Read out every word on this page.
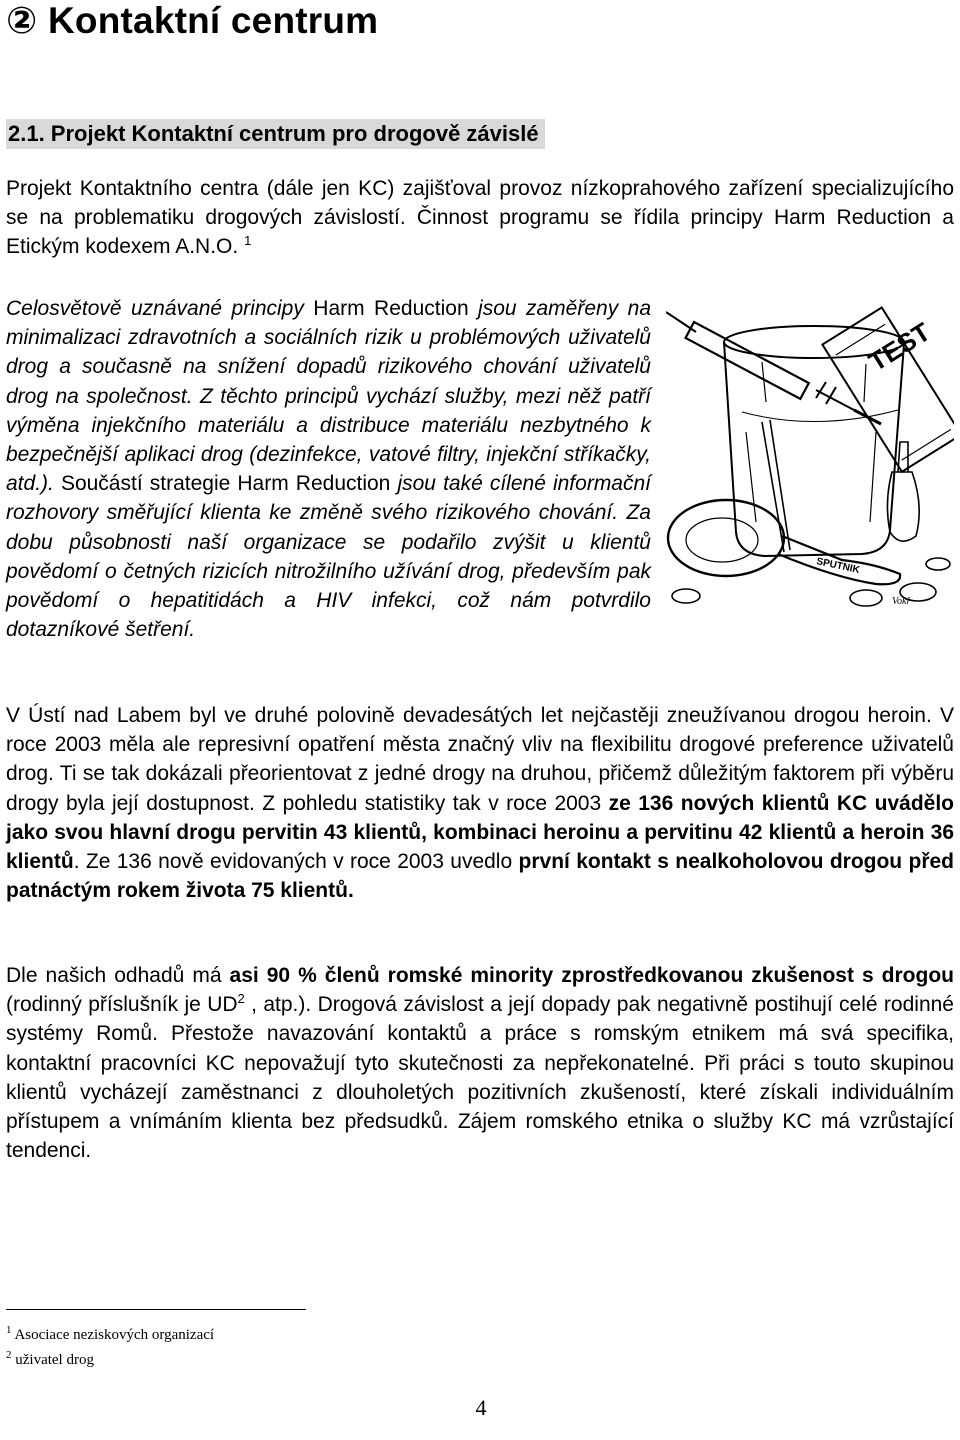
② Kontaktní centrum
2.1. Projekt Kontaktní centrum pro drogově závislé

Projekt Kontaktního centra (dále jen KC) zajišťoval provoz nízkoprahového zařízení specializujícího se na problematiku drogových závislostí. Činnost programu se řídila principy Harm Reduction a Etickým kodexem A.N.O. $^1$

Celosvětově uznávané principy Harm Reduction jsou zaměřeny na minimalizaci zdravotních a sociálních rizik u problémových uživatelů drog a současně na snížení dopadů rizikového chování uživatelů drog na společnost. Z těchto principů vychází služby, mezi něž patří výměna injekčního materiálu a distribuce materiálu nezbytného k bezpečnější aplikaci drog (dezinfekce, vatové filtry, injekční stříkačky, atd.). Součástí strategie Harm Reduction jsou také cílené informační rozhovory směřující klienta ke změně svého rizikového chování. Za dobu působnosti naší organizace se podařilo zvýšit u klientů povědomí o četných rizicích nitrožilního užívání drog, především pak povědomí o hepatitidách a HIV infekci, což nám potvrdilo dotazníkové šetření.

V Ústí nad Labem byl ve druhé polovině devadesátých let nejčastěji zneužívanou drogou heroin. V roce 2003 měla ale represivní opatření města značný vliv na flexibilitu drogové preference uživatelů drog. Ti se tak dokázali přeorientovat z jedné drogy na druhou, přičemž důležitým faktorem při výběru drogy byla její dostupnost. Z pohledu statistiky tak v roce 2003 ze 136 nových klientů KC uvádělo jako svou hlavní drogu pervitin 43 klientů, kombinaci heroinu a pervitinu 42 klientů a heroin 36 klientů. Ze 136 nově evidovaných v roce 2003 uvedlo první kontakt s nealkoholovou drogou před patnáctým rokem života 75 klientů.

Dle našich odhadů má asi 90 % členů romské minority zprostředkovanou zkušenost s drogou (rodinný příslušník je $UD^2$ , atp.). Drogová závislost a její dopady pak negativně postihují celé rodinné systémy Romů. Přestože navazování kontaktů a práce s romským etnikem má svá specifika, kontaktní pracovníci KC nepovažují tyto skutečnosti za nepřekonatelné. Při práci s touto skupinou klientů vycházejí zaměstnanci z dlouholetých pozitivních zkušeností, které získali individuálním přístupem a vnímáním klienta bez předsudků. Zájem romského etnika o služby KC má vzrůstající tendenci.

$^1$ Asociace neziskových organizací

$^2$ uživatel drog

4

TEST
SPUTNIK
Vokř
